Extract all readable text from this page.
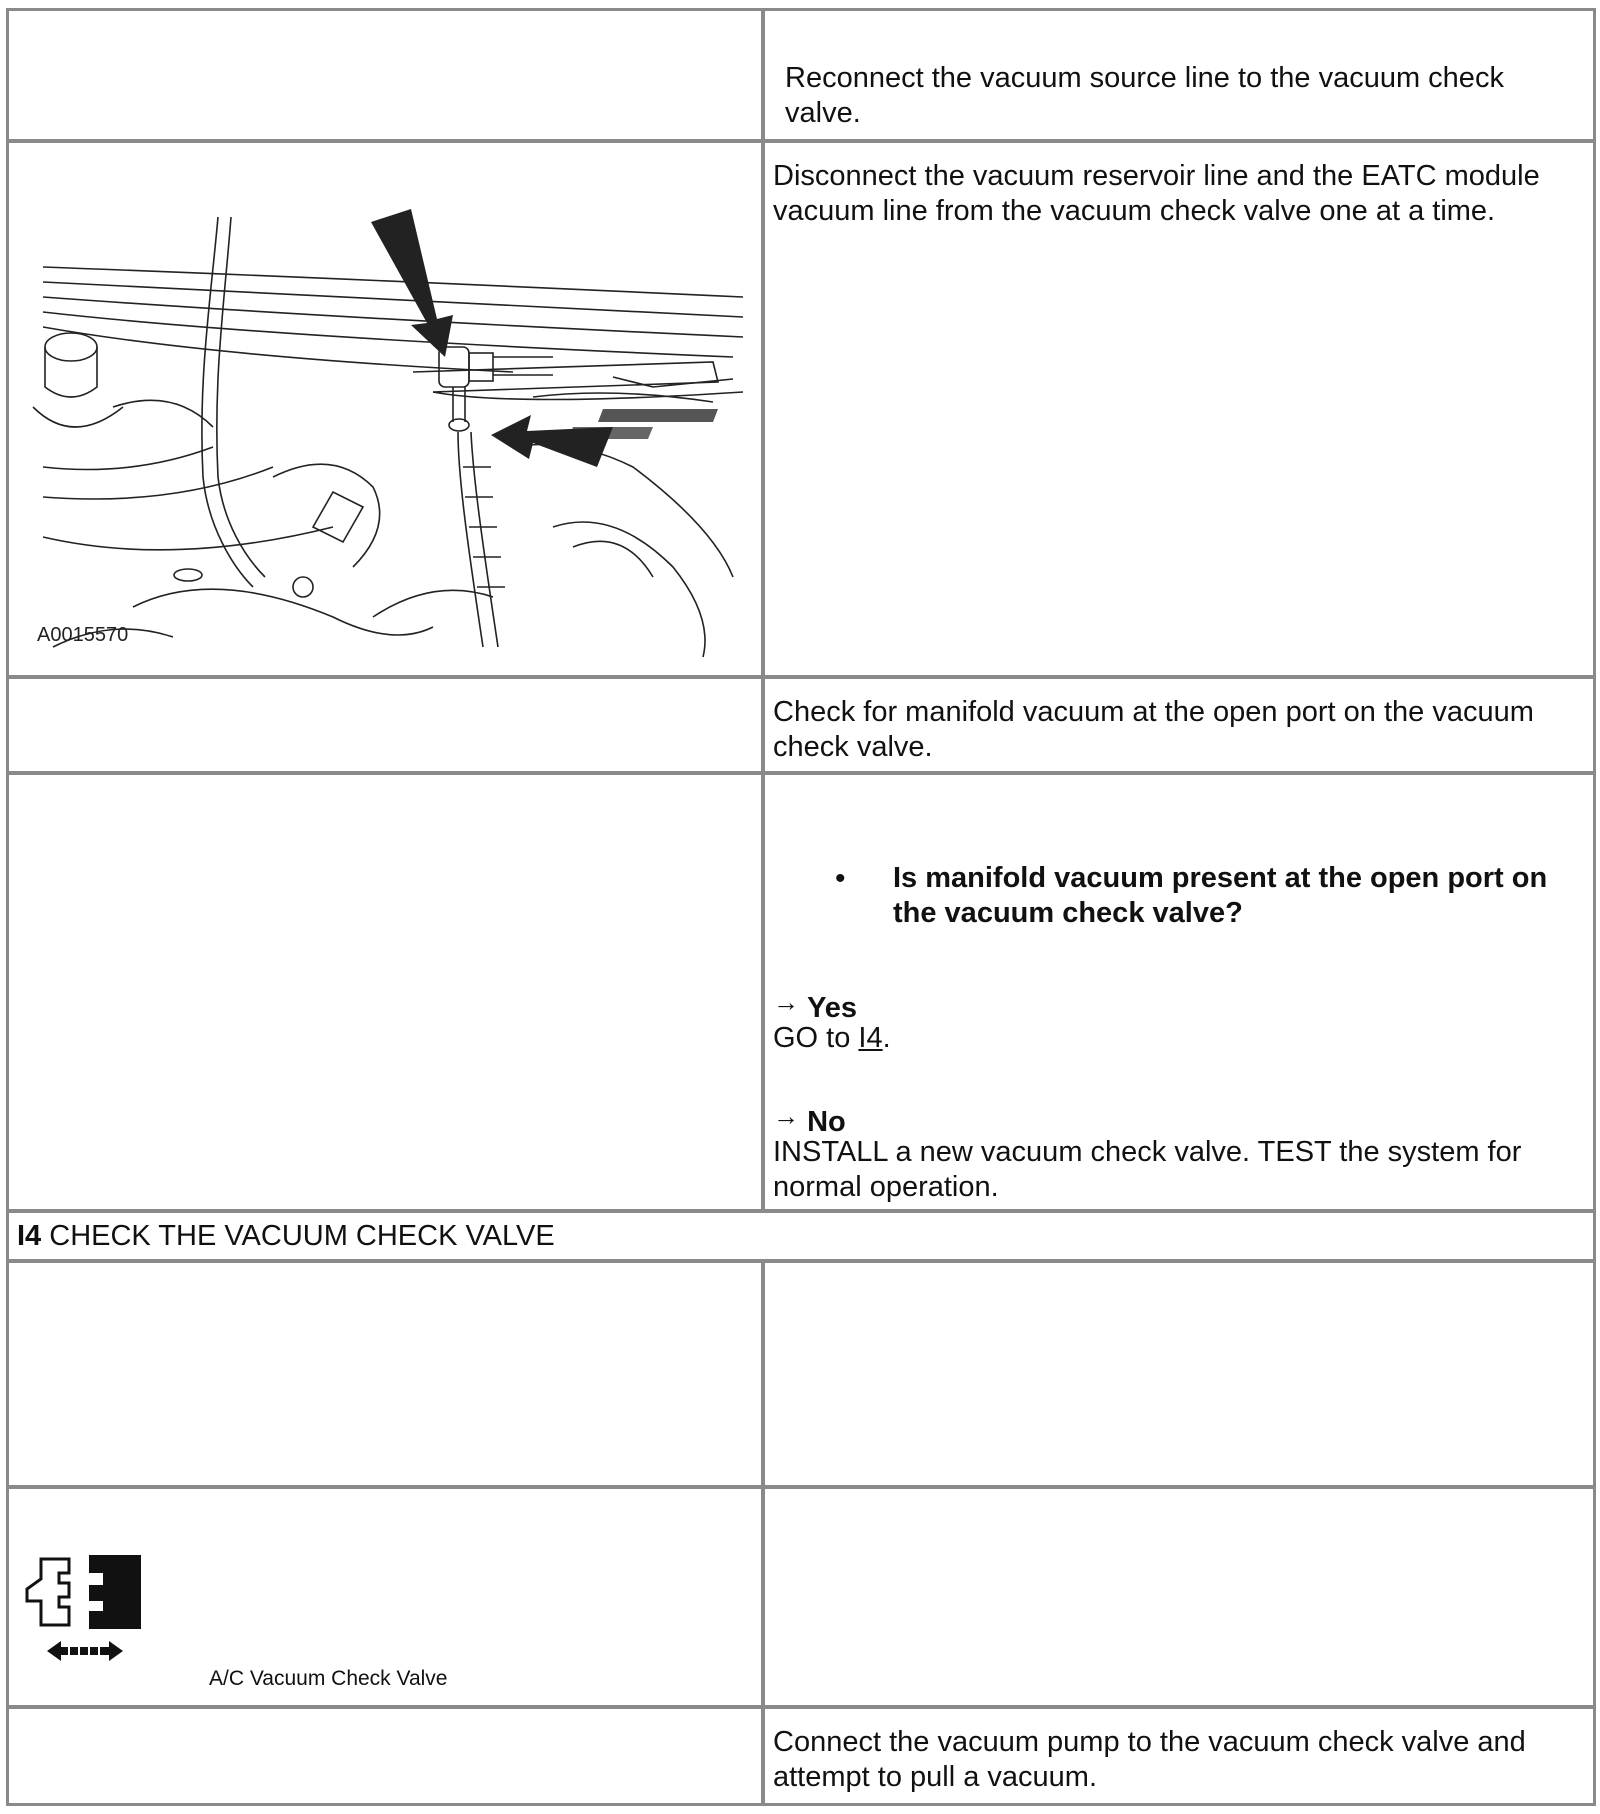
Reconnect the vacuum source line to the vacuum check valve.
A0015570
Disconnect the vacuum reservoir line and the EATC module vacuum line from the vacuum check valve one at a time.
Check for manifold vacuum at the open port on the vacuum check valve.
• Is manifold vacuum present at the open port on the vacuum check valve?
→ Yes
GO to I4.
→ No
INSTALL a new vacuum check valve. TEST the system for normal operation.
I4 CHECK THE VACUUM CHECK VALVE
A/C Vacuum Check Valve
Connect the vacuum pump to the vacuum check valve and attempt to pull a vacuum.
